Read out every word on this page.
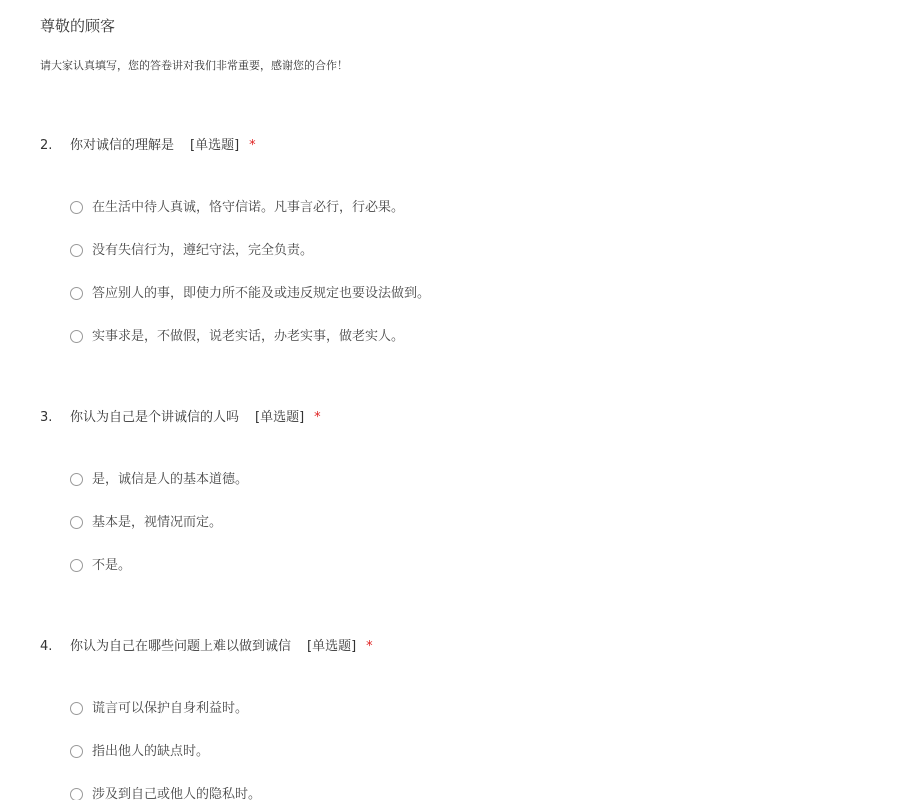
尊敬的顾客
请大家认真填写，您的答卷讲对我们非常重要，感谢您的合作！
2. 你对诚信的理解是 [单选题] *
在生活中待人真诚，恪守信诺。凡事言必行，行必果。
没有失信行为，遵纪守法，完全负责。
答应别人的事，即使力所不能及或违反规定也要设法做到。
实事求是，不做假，说老实话，办老实事，做老实人。
3. 你认为自己是个讲诚信的人吗 [单选题] *
是，诚信是人的基本道德。
基本是，视情况而定。
不是。
4. 你认为自己在哪些问题上难以做到诚信 [单选题] *
谎言可以保护自身利益时。
指出他人的缺点时。
涉及到自己或他人的隐私时。
